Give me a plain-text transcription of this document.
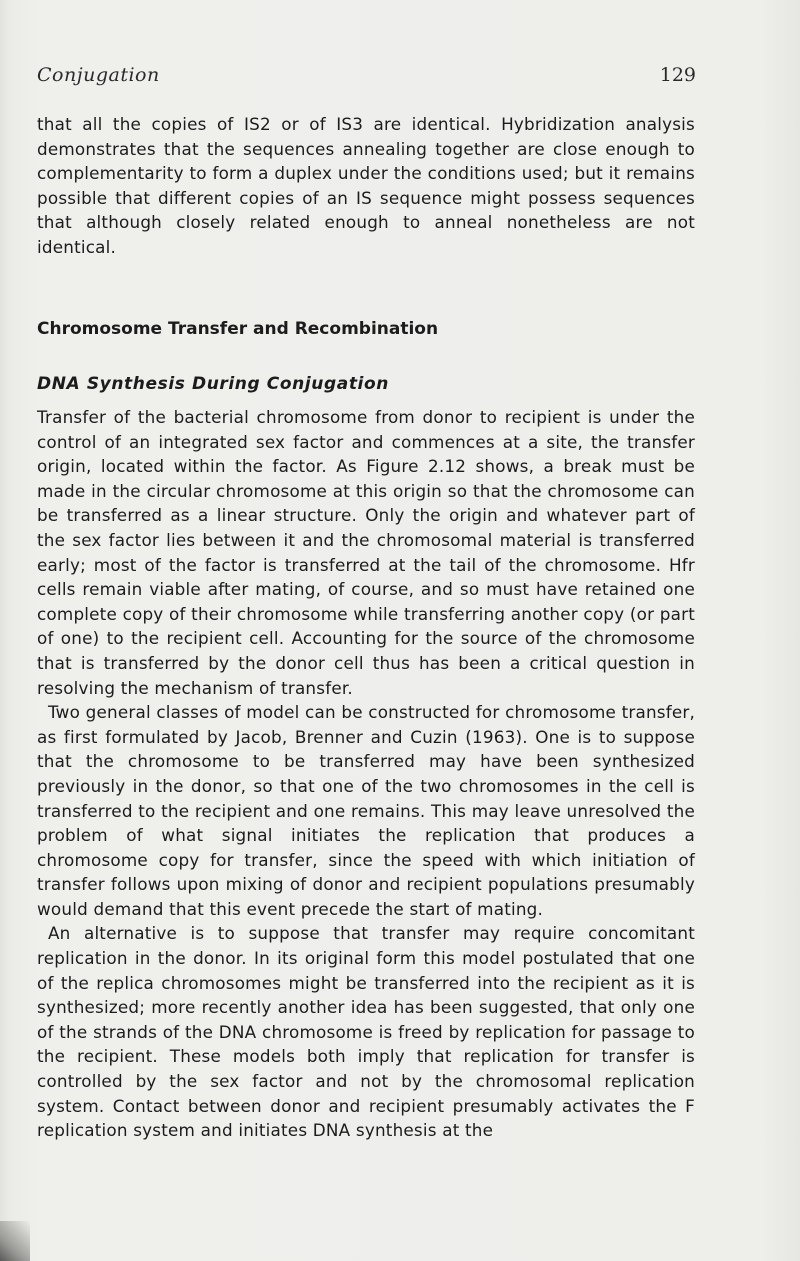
Conjugation	129

that all the copies of IS2 or of IS3 are identical. Hybridization analysis demonstrates that the sequences annealing together are close enough to complementarity to form a duplex under the conditions used; but it remains possible that different copies of an IS sequence might possess sequences that although closely related enough to anneal nonetheless are not identical.

Chromosome Transfer and Recombination
DNA Synthesis During Conjugation

Transfer of the bacterial chromosome from donor to recipient is under the control of an integrated sex factor and commences at a site, the transfer origin, located within the factor. As Figure 2.12 shows, a break must be made in the circular chromosome at this origin so that the chromosome can be transferred as a linear structure. Only the origin and whatever part of the sex factor lies between it and the chromosomal material is transferred early; most of the factor is transferred at the tail of the chromosome. Hfr cells remain viable after mating, of course, and so must have retained one complete copy of their chromosome while transferring another copy (or part of one) to the recipient cell. Accounting for the source of the chromosome that is transferred by the donor cell thus has been a critical question in resolving the mechanism of transfer.

Two general classes of model can be constructed for chromosome transfer, as first formulated by Jacob, Brenner and Cuzin (1963). One is to suppose that the chromosome to be transferred may have been synthesized previously in the donor, so that one of the two chromosomes in the cell is transferred to the recipient and one remains. This may leave unresolved the problem of what signal initiates the replication that produces a chromosome copy for transfer, since the speed with which initiation of transfer follows upon mixing of donor and recipient populations presumably would demand that this event precede the start of mating.

An alternative is to suppose that transfer may require concomitant replication in the donor. In its original form this model postulated that one of the replica chromosomes might be transferred into the recipient as it is synthesized; more recently another idea has been suggested, that only one of the strands of the DNA chromosome is freed by replication for passage to the recipient. These models both imply that replication for transfer is controlled by the sex factor and not by the chromosomal replication system. Contact between donor and recipient presumably activates the F replication system and initiates DNA synthesis at the
